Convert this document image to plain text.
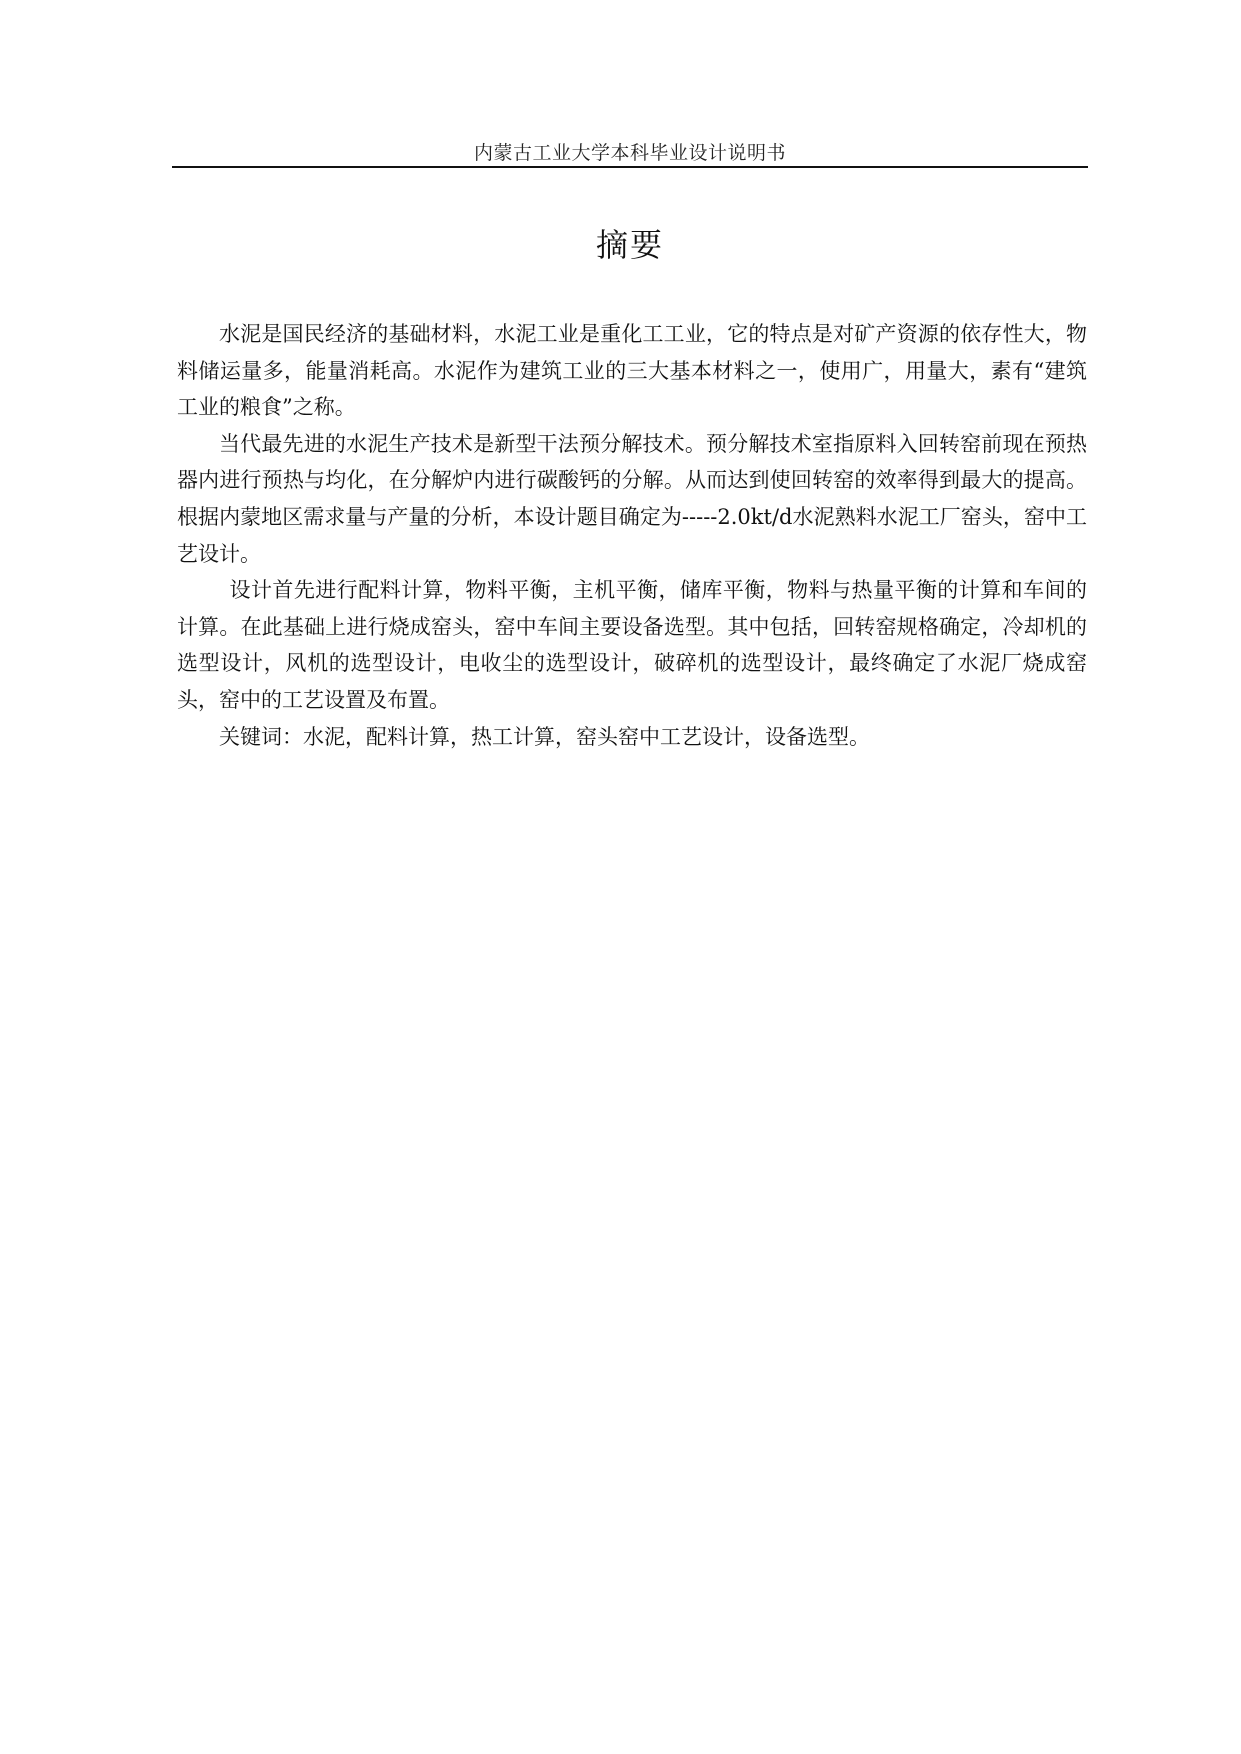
内蒙古工业大学本科毕业设计说明书
摘要

水泥是国民经济的基础材料，水泥工业是重化工工业，它的特点是对矿产资源的依存性大，物料储运量多，能量消耗高。水泥作为建筑工业的三大基本材料之一，使用广，用量大，素有“建筑工业的粮食”之称。

当代最先进的水泥生产技术是新型干法预分解技术。预分解技术室指原料入回转窑前现在预热器内进行预热与均化，在分解炉内进行碳酸钙的分解。从而达到使回转窑的效率得到最大的提高。根据内蒙地区需求量与产量的分析，本设计题目确定为-----2.0kt/d水泥熟料水泥工厂窑头，窑中工艺设计。

设计首先进行配料计算，物料平衡，主机平衡，储库平衡，物料与热量平衡的计算和车间的计算。在此基础上进行烧成窑头，窑中车间主要设备选型。其中包括，回转窑规格确定，冷却机的选型设计，风机的选型设计，电收尘的选型设计，破碎机的选型设计，最终确定了水泥厂烧成窑头，窑中的工艺设置及布置。

关键词：水泥，配料计算，热工计算，窑头窑中工艺设计，设备选型。
